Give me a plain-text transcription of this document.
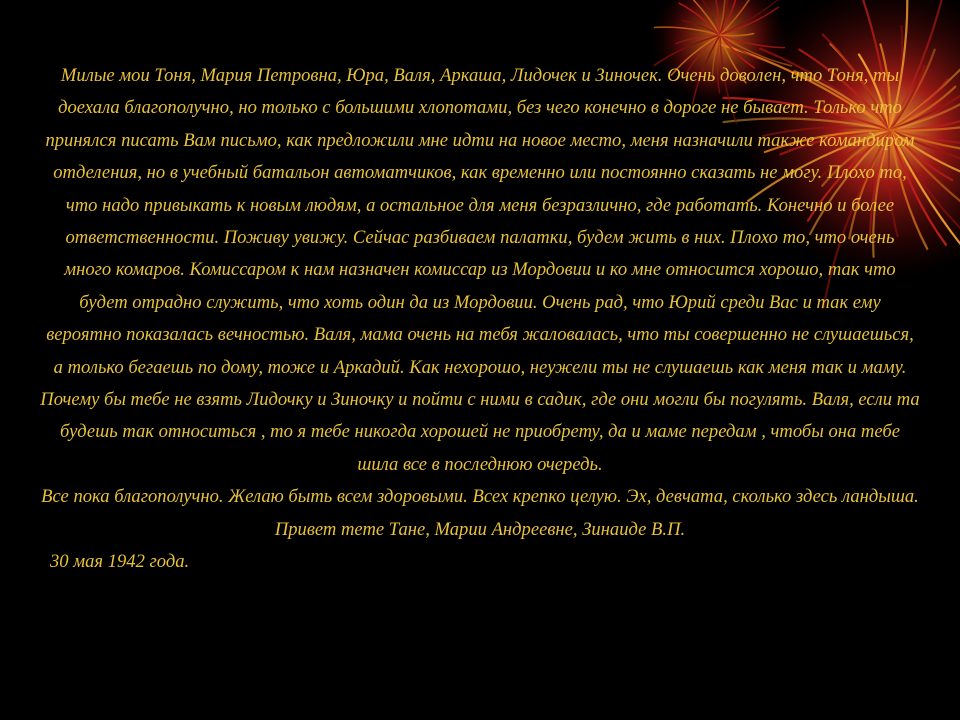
Милые мои Тоня, Мария Петровна, Юра, Валя, Аркаша, Лидочек и Зиночек. Очень доволен, что Тоня, ты доехала благополучно, но только с большими хлопотами, без чего конечно в дороге не бывает. Только что принялся писать Вам письмо, как предложили мне идти на новое место, меня назначили также командиром отделения, но в учебный батальон автоматчиков, как временно или постоянно сказать не могу. Плохо то, что надо привыкать к новым людям, а остальное для меня безразлично, где работать. Конечно и более ответственности. Поживу увижу. Сейчас разбиваем палатки, будем жить в них. Плохо то, что очень много комаров. Комиссаром к нам назначен комиссар из Мордовии и ко мне относится хорошо, так что будет отрадно служить, что хоть один да из Мордовии. Очень рад, что Юрий среди Вас и так ему вероятно показалась вечностью. Валя, мама очень на тебя жаловалась, что ты совершенно не слушаешься, а только бегаешь по дому, тоже и Аркадий. Как нехорошо, неужели ты не слушаешь как меня так и маму. Почему бы тебе не взять Лидочку и Зиночку и пойти с ними в садик, где они могли бы погулять. Валя, если та будешь так относиться , то я тебе никогда хорошей не приобрету, да и маме передам , чтобы она тебе шила все в последнюю очередь.

Все пока благополучно. Желаю быть всем здоровыми. Всех крепко целую. Эх, девчата, сколько здесь ландыша. Привет тете Тане, Марии Андреевне, Зинаиде В.П.

30 мая 1942 года.
